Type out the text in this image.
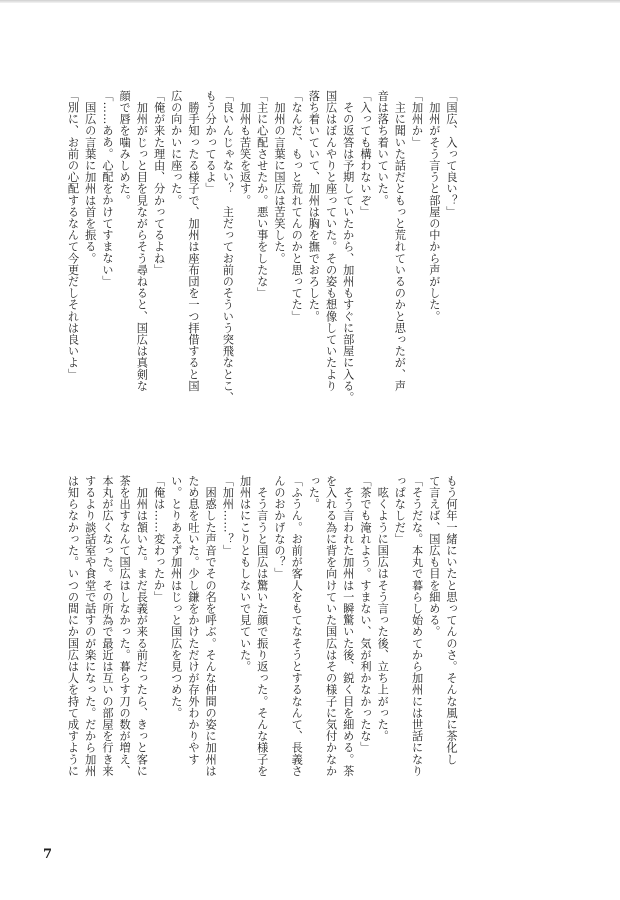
「国広、入って良い？」

　加州がそう言うと部屋の中から声がした。

「加州か」

　主に聞いた話だともっと荒れているのかと思ったが、声

音は落ち着いていた。

「入っても構わないぞ」

　その返答は予期していたから、加州もすぐに部屋に入る。

国広はぼんやりと座っていた。その姿も想像していたより

落ち着いていて、加州は胸を撫でおろした。

「なんだ、もっと荒れてんのかと思ってた」

　加州の言葉に国広は苦笑した。

「主に心配させたか。悪い事をしたな」

　加州も苦笑を返す。

「良いんじゃない？　主だってお前のそういう突飛なとこ、

もう分かってるよ」

　勝手知ったる様子で、加州は座布団を一つ拝借すると国

広の向かいに座った。

「俺が来た理由、分かってるよね」

　加州がじっと目を見ながらそう尋ねると、国広は真剣な

顔で唇を噛みしめた。

「……ああ。心配をかけてすまない」

　国広の言葉に加州は首を振る。

「別に、お前の心配するなんて今更だしそれは良いよ」

もう何年一緒にいたと思ってんのさ。そんな風に茶化し

て言えば、国広も目を細める。

「そうだな。本丸で暮らし始めてから加州には世話になり

っぱなしだ」

　呟くように国広はそう言った後、立ち上がった。

「茶でも淹れよう。すまない、気が利かなかったな」

　そう言われた加州は一瞬驚いた後、鋭く目を細める。茶

を入れる為に背を向けていた国広はその様子に気付かなか

った。

「ふうん。お前が客人をもてなそうとするなんて、長義さ

んのおかげなの？」

　そう言うと国広は驚いた顔で振り返った。そんな様子を

加州はにこりともしないで見ていた。

「加州……？」

　困惑した声音でその名を呼ぶ。そんな仲間の姿に加州は

ため息を吐いた。少し鎌をかけただけが存外わかりやす

い。とりあえず加州はじっと国広を見つめた。

「俺は……変わったか」

　加州は頷いた。まだ長義が来る前だったら、きっと客に

茶を出すなんて国広はしなかった。暮らす刀の数が増え、

本丸が広くなった。その所為で最近は互いの部屋を行き来

するより談話室や食堂で話すのが楽になった。だから加州

は知らなかった。いつの間にか国広は人を持て成すように

7
